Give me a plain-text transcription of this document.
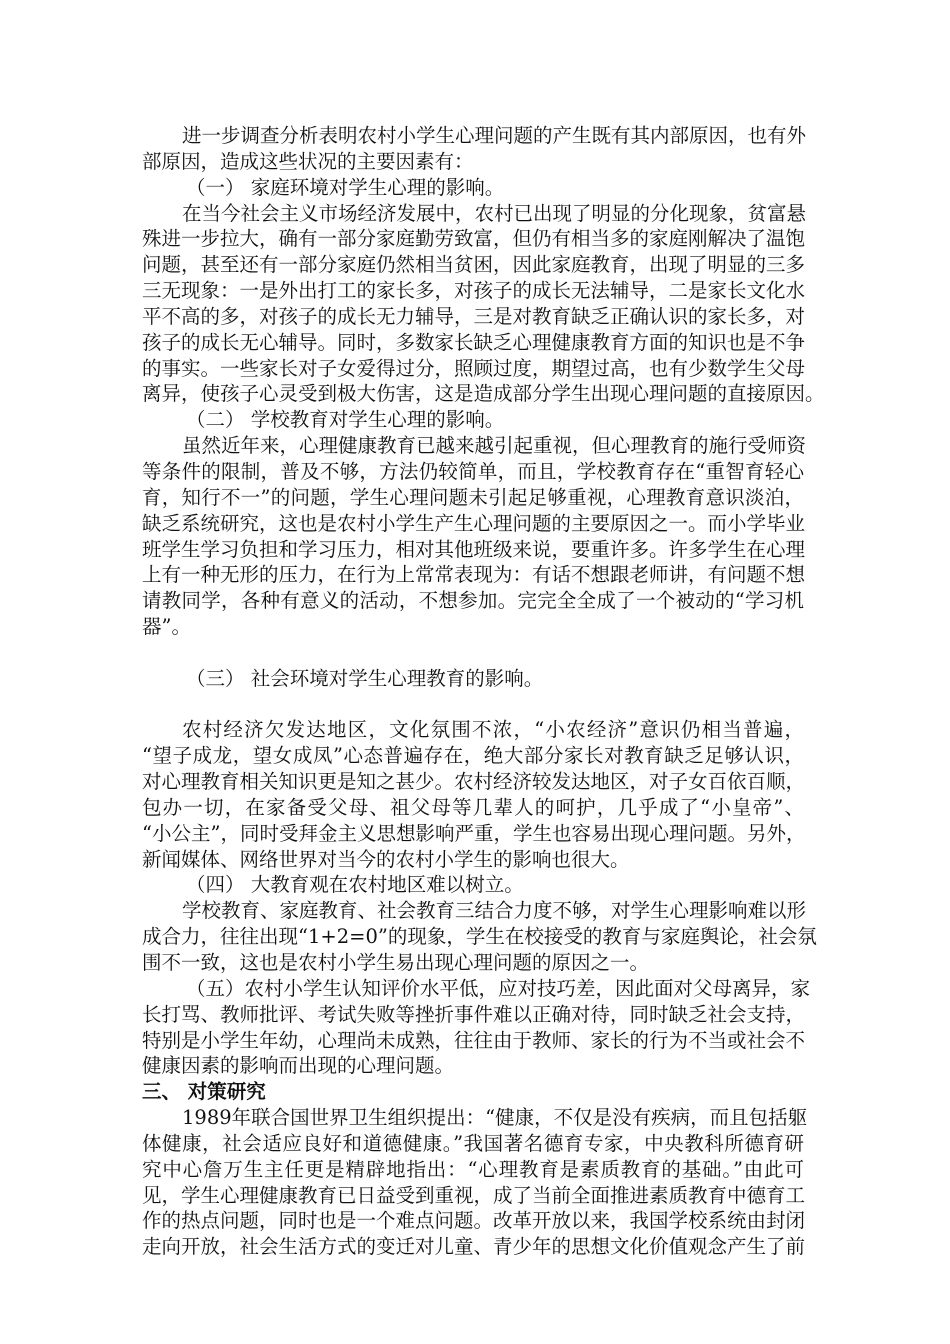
进一步调查分析表明农村小学生心理问题的产生既有其内部原因，也有外
部原因，造成这些状况的主要因素有：

（一） 家庭环境对学生心理的影响。

在当今社会主义市场经济发展中，农村已出现了明显的分化现象，贫富悬
殊进一步拉大，确有一部分家庭勤劳致富，但仍有相当多的家庭刚解决了温饱
问题，甚至还有一部分家庭仍然相当贫困，因此家庭教育，出现了明显的三多
三无现象：一是外出打工的家长多，对孩子的成长无法辅导，二是家长文化水
平不高的多，对孩子的成长无力辅导，三是对教育缺乏正确认识的家长多，对
孩子的成长无心辅导。同时，多数家长缺乏心理健康教育方面的知识也是不争
的事实。一些家长对子女爱得过分，照顾过度，期望过高，也有少数学生父母
离异，使孩子心灵受到极大伤害，这是造成部分学生出现心理问题的直接原因。

（二） 学校教育对学生心理的影响。

虽然近年来，心理健康教育已越来越引起重视，但心理教育的施行受师资
等条件的限制，普及不够，方法仍较简单，而且，学校教育存在“重智育轻心
育，知行不一”的问题，学生心理问题未引起足够重视，心理教育意识淡泊，
缺乏系统研究，这也是农村小学生产生心理问题的主要原因之一。而小学毕业
班学生学习负担和学习压力，相对其他班级来说，要重许多。许多学生在心理
上有一种无形的压力，在行为上常常表现为：有话不想跟老师讲，有问题不想
请教同学，各种有意义的活动，不想参加。完完全全成了一个被动的“学习机
器”。

（三） 社会环境对学生心理教育的影响。

农村经济欠发达地区，文化氛围不浓，“小农经济”意识仍相当普遍，
“望子成龙，望女成凤”心态普遍存在，绝大部分家长对教育缺乏足够认识，
对心理教育相关知识更是知之甚少。农村经济较发达地区，对子女百依百顺，
包办一切，在家备受父母、祖父母等几辈人的呵护，几乎成了“小皇帝”、
“小公主”，同时受拜金主义思想影响严重，学生也容易出现心理问题。另外，
新闻媒体、网络世界对当今的农村小学生的影响也很大。

（四） 大教育观在农村地区难以树立。

学校教育、家庭教育、社会教育三结合力度不够，对学生心理影响难以形
成合力，往往出现“1+2=0”的现象，学生在校接受的教育与家庭舆论，社会氛
围不一致，这也是农村小学生易出现心理问题的原因之一。

（五）农村小学生认知评价水平低，应对技巧差，因此面对父母离异，家
长打骂、教师批评、考试失败等挫折事件难以正确对待，同时缺乏社会支持，
特别是小学生年幼，心理尚未成熟，往往由于教师、家长的行为不当或社会不
健康因素的影响而出现的心理问题。

三、 对策研究

1989年联合国世界卫生组织提出：“健康，不仅是没有疾病，而且包括躯
体健康，社会适应良好和道德健康。”我国著名德育专家，中央教科所德育研
究中心詹万生主任更是精辟地指出：“心理教育是素质教育的基础。”由此可
见，学生心理健康教育已日益受到重视，成了当前全面推进素质教育中德育工
作的热点问题，同时也是一个难点问题。改革开放以来，我国学校系统由封闭
走向开放，社会生活方式的变迁对儿童、青少年的思想文化价值观念产生了前
